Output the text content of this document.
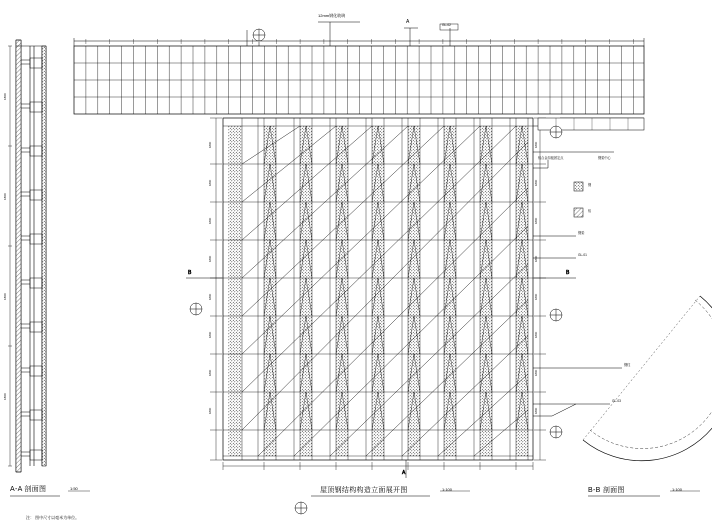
1800
1800
1800
1800
1800
1800
1800
1800
1800
1800
1800
1800
1800
1800
1800
1800
1800
1800
1800
1800
B	B
A
12mm钢化玻璃
A	GL-02
铝合金扣板固定点	钢梁中心
钢
铝
钢梁
GL-01
钢柱
GL-03
A-A 剖面图	1:50
注： 图中尺寸以毫米为单位。
屋顶钢结构构造立面展开图	1:100	B-B 剖面图	1:100
